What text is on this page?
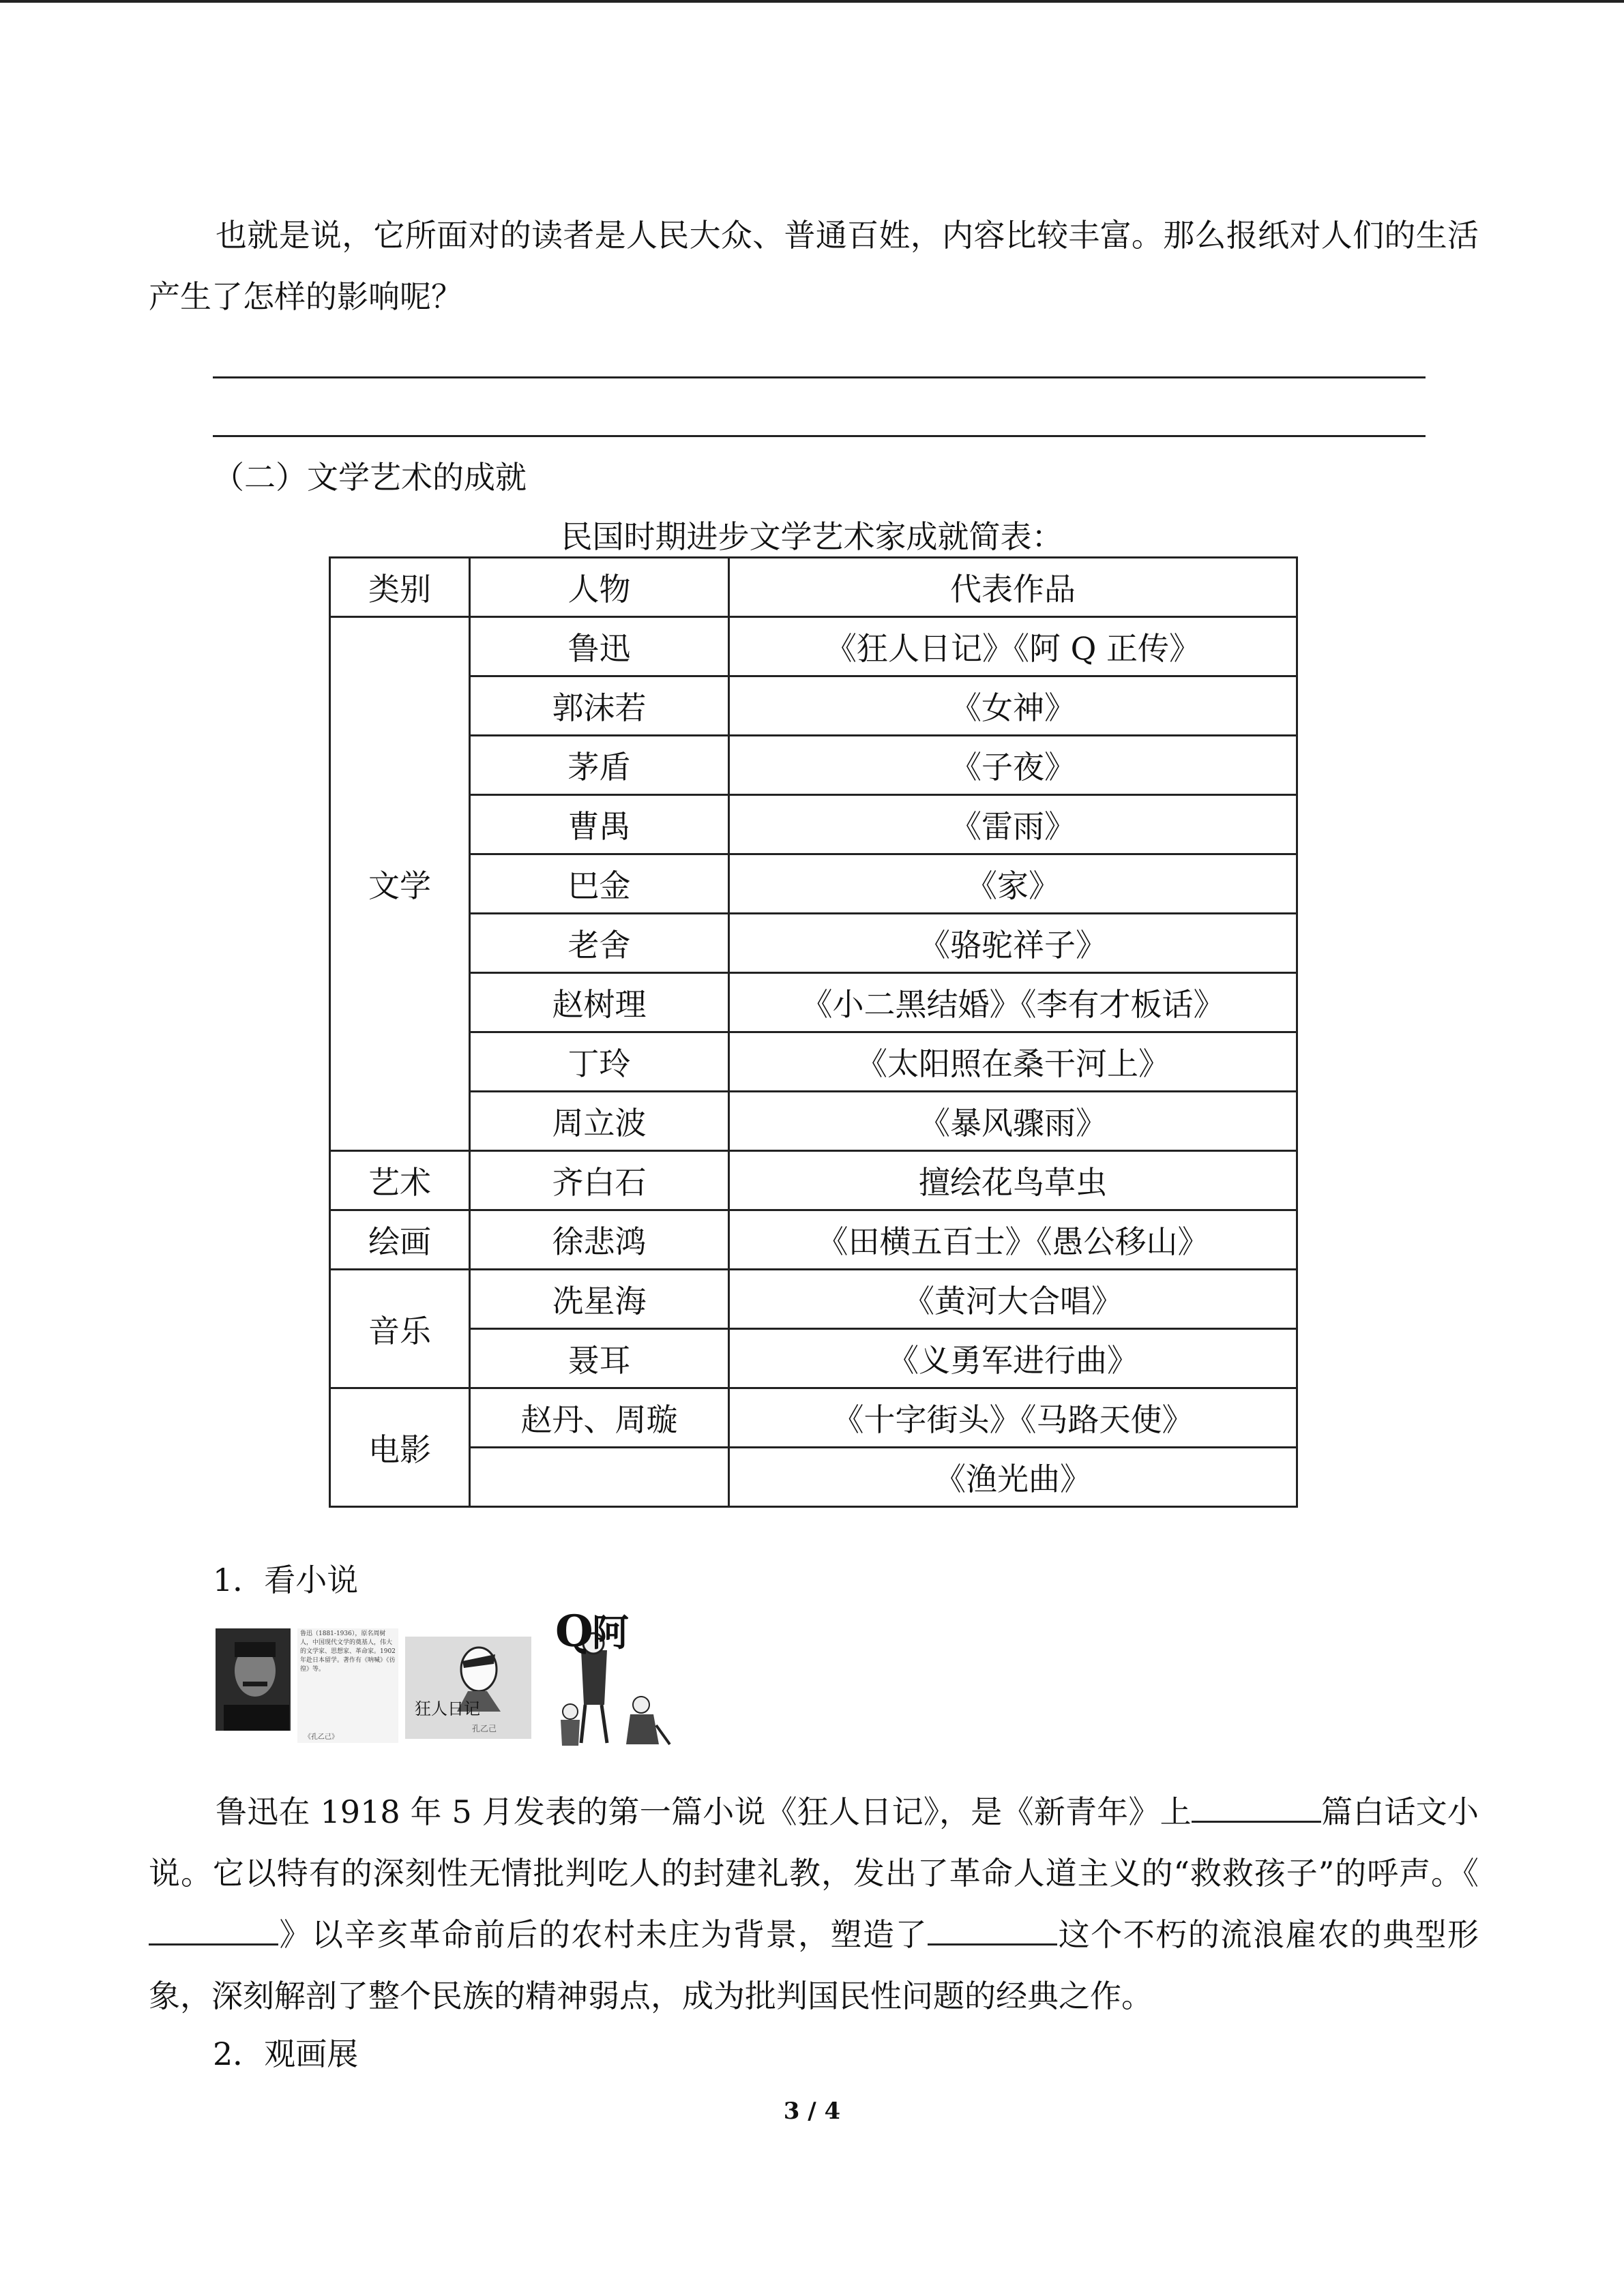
也就是说，它所面对的读者是人民大众、普通百姓，内容比较丰富。那么报纸对人们的生活产生了怎样的影响呢？

（二）文学艺术的成就

民国时期进步文学艺术家成就简表：

类别	人物	代表作品
文学	鲁迅	《狂人日记》《阿 Q 正传》
	郭沫若	《女神》
	茅盾	《子夜》
	曹禺	《雷雨》
	巴金	《家》
	老舍	《骆驼祥子》
	赵树理	《小二黑结婚》《李有才板话》
	丁玲	《太阳照在桑干河上》
	周立波	《暴风骤雨》
艺术	齐白石	擅绘花鸟草虫
绘画	徐悲鸿	《田横五百士》《愚公移山》
音乐	冼星海	《黄河大合唱》
	聂耳	《义勇军进行曲》
电影	赵丹、周璇	《十字街头》《马路天使》
		《渔光曲》

1．看小说

鲁迅（1881-1936），原名周树人，中国现代文学的奠基人，伟大的文学家、思想家、革命家。1902年赴日本留学。著作有《呐喊》《彷徨》等。
《孔乙己》
狂人日记
孔乙己
Q
阿

鲁迅在 1918 年 5 月发表的第一篇小说《狂人日记》，是《新青年》上	篇白话文小说。它以特有的深刻性无情批判吃人的封建礼教，发出了革命人道主义的“救救孩子”的呼声。《》以辛亥革命前后的农村未庄为背景，塑造了	这个不朽的流浪雇农的典型形象，深刻解剖了整个民族的精神弱点，成为批判国民性问题的经典之作。

2．观画展

3 / 4
